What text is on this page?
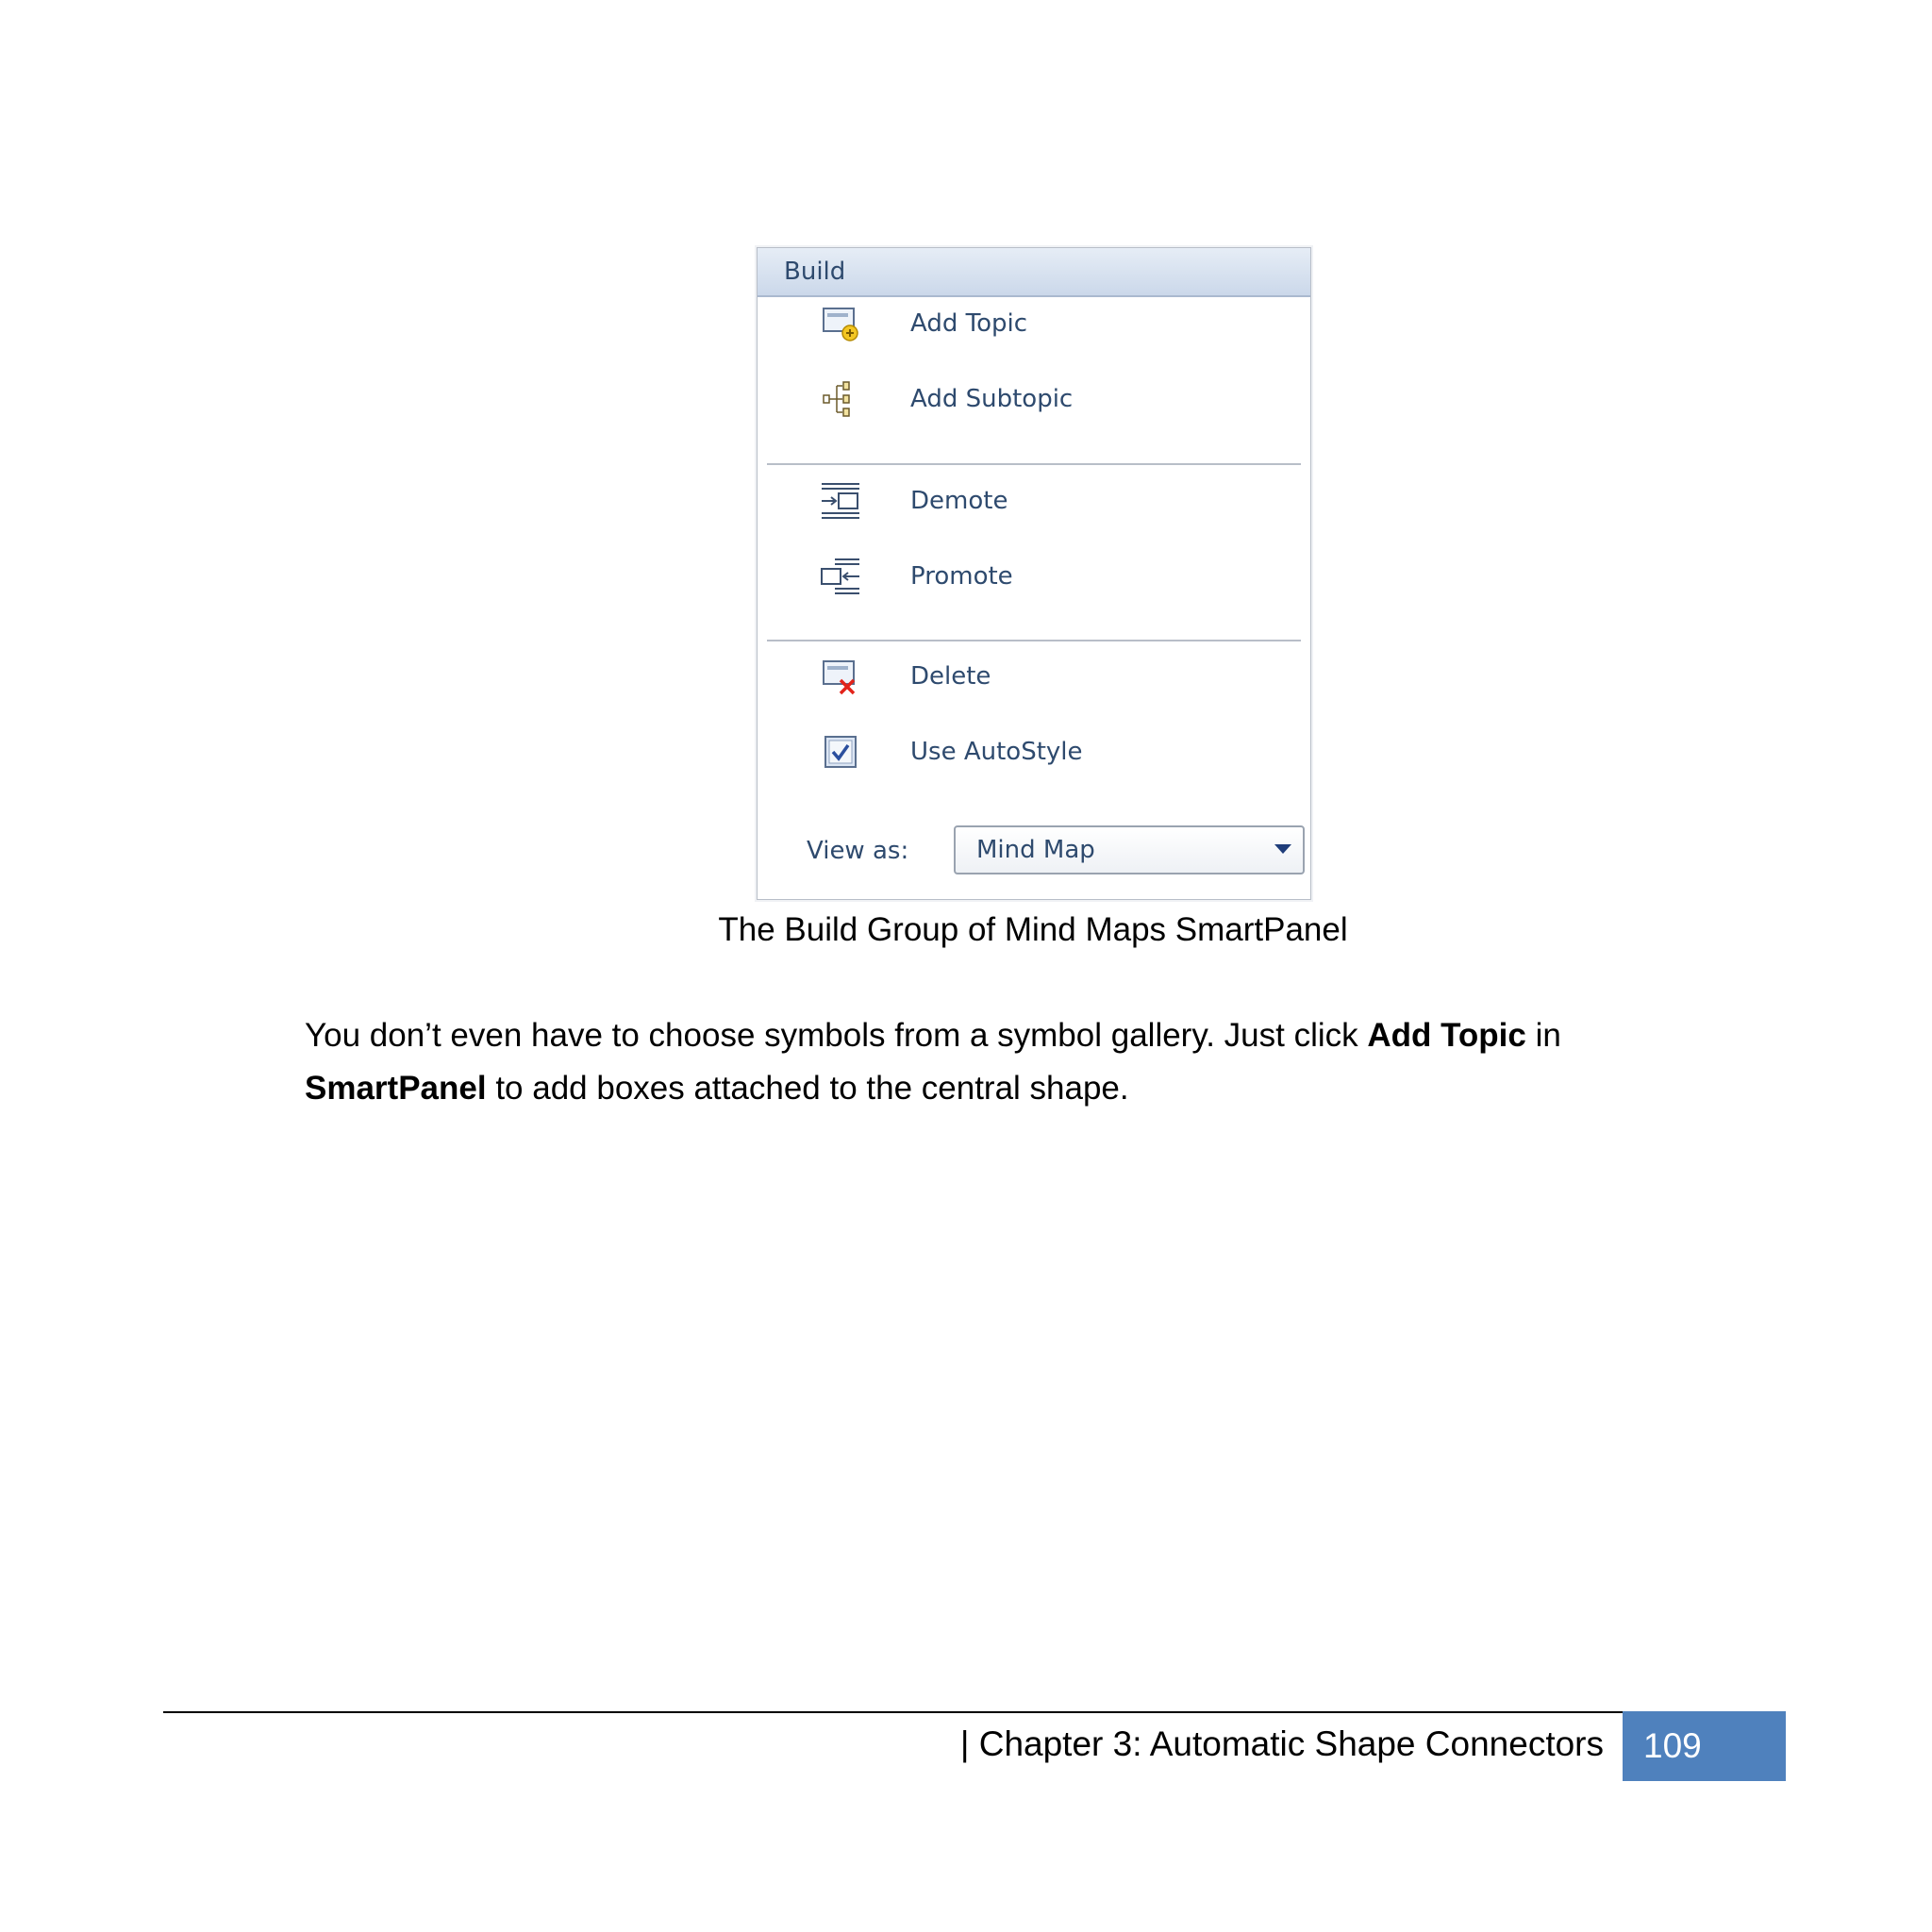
Build
Add Topic
Add Subtopic
Demote
Promote
Delete
Use AutoStyle
View as:	Mind Map
The Build Group of Mind Maps SmartPanel
You don’t even have to choose symbols from a symbol gallery. Just click Add Topic in
SmartPanel to add boxes attached to the central shape.
| Chapter 3: Automatic Shape Connectors 109
